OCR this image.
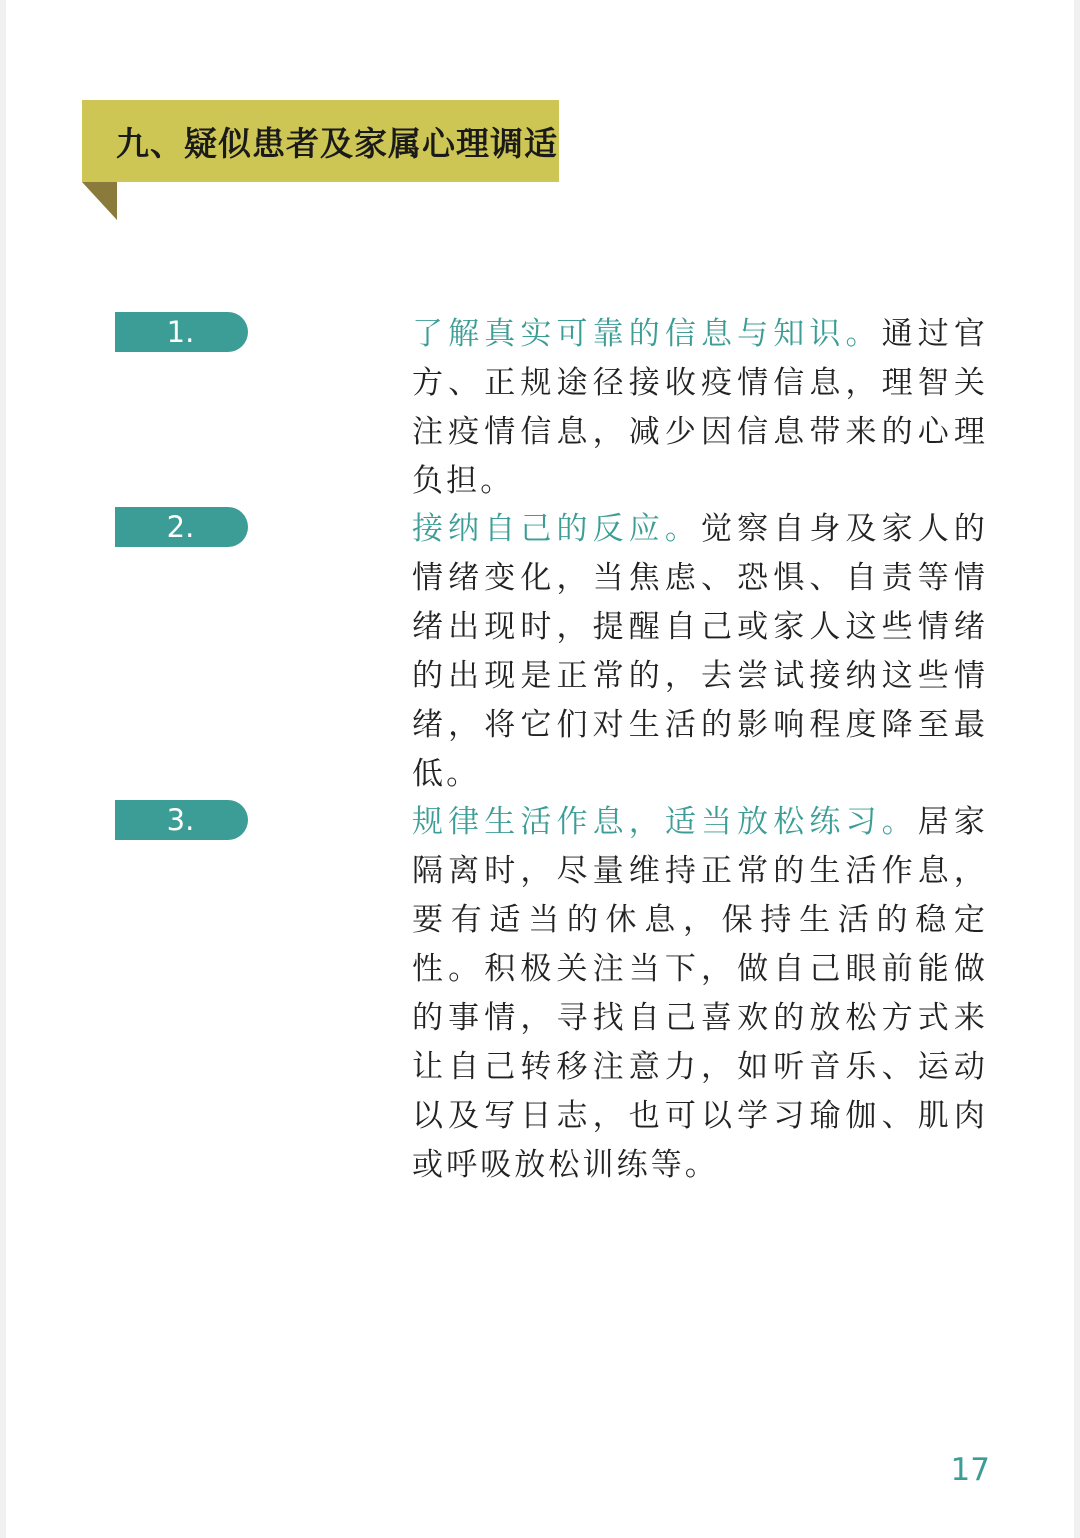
九、疑似患者及家属心理调适
1.	了解真实可靠的信息与知识。通过官方、正规途径接收疫情信息，理智关注疫情信息，减少因信息带来的心理负担。
2.	接纳自己的反应。觉察自身及家人的情绪变化，当焦虑、恐惧、自责等情绪出现时，提醒自己或家人这些情绪的出现是正常的，去尝试接纳这些情绪，将它们对生活的影响程度降至最低。
3.	规律生活作息，适当放松练习。居家隔离时，尽量维持正常的生活作息，要有适当的休息，保持生活的稳定性。积极关注当下，做自己眼前能做的事情，寻找自己喜欢的放松方式来让自己转移注意力，如听音乐、运动以及写日志，也可以学习瑜伽、肌肉或呼吸放松训练等。
17
